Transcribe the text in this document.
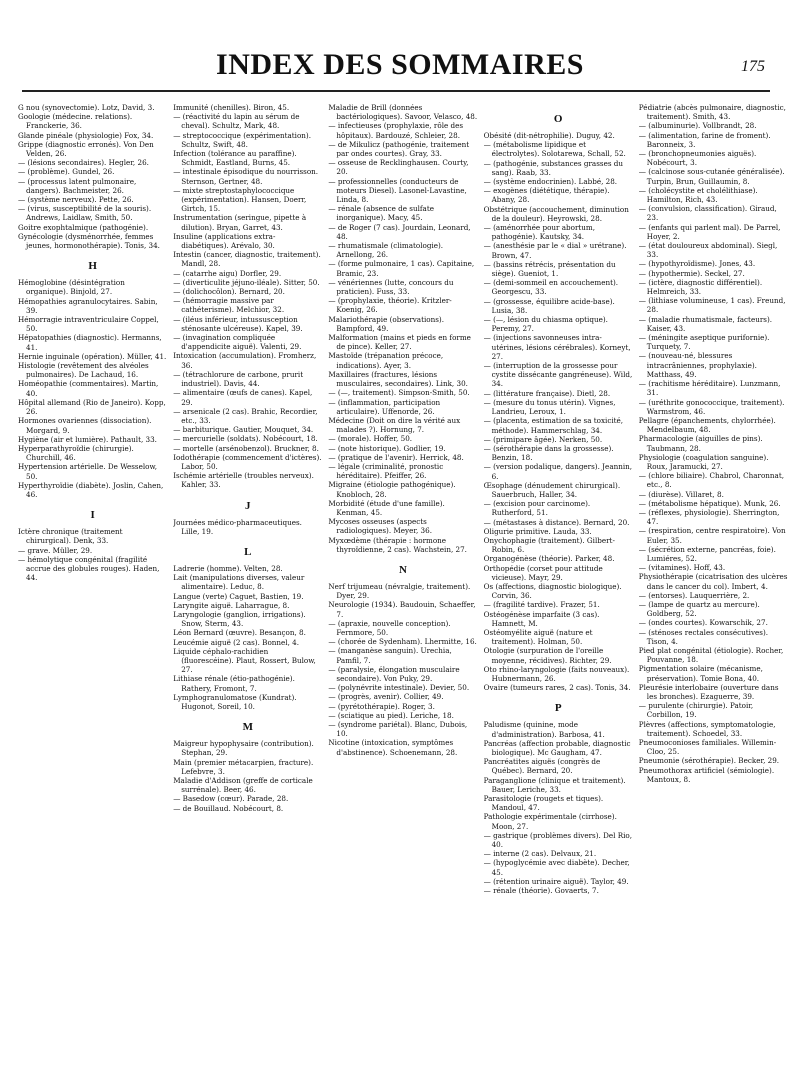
INDEX DES SOMMAIRES	175
G nou (synovectomie). Lotz, David, 3.
Goologie (médecine. relations). Franckerie, 36.
Glande pinéale (physiologie) Fox, 34.
Grippe (diagnostic erronés). Von Den Velden, 26.
— (lésions secondaires). Hegler, 26.
— (problème). Gundel, 26.
— (processus latent pulmonaire, dangers). Bachmeister, 26.
— (système nerveux). Pette, 26.
— (virus, susceptibilité de la souris). Andrews, Laidlaw, Smith, 50.
Goitre exophtalmique (pathogénie).
Gynécologie (dysménorrhée, femmes jeunes, hormonothérapie). Tonis, 34.
H
Hémoglobine (désintégration organique). Binjold, 27.
Hémopathies agranulocytaires. Sabin, 39.
Hémorragie intraventriculaire Coppel, 50.
Hépatopathies (diagnostic). Hermanns, 41.
Hernie inguinale (opération). Müller, 41.
Histologie (revêtement des alvéoles pulmonaires). De Lachaud, 16.
Homéopathie (commentaires). Martin, 40.
Hôpital allemand (Rio de Janeiro). Kopp, 26.
Hormones ovariennes (dissociation). Morgard, 9.
Hygiène (air et lumière). Pathault, 33.
Hyperparathyroïdie (chirurgie). Churchill, 46.
Hypertension artérielle. De Wesselow, 50.
Hyperthyroïdie (diabète). Joslin, Cahen, 46.
I
Ictère chronique (traitement chirurgical). Denk, 33.
— grave. Müller, 29.
— hémolytique congénital (fragilité accrue des globules rouges). Haden, 44.
Immunité (chenilles). Biron, 45.
— (réactivité du lapin au sérum de cheval). Schultz, Mark, 48.
— streptococcique (expérimentation). Schultz, Swift, 48.
Infection (tolérance au paraffine). Schmidt, Eastland, Burns, 45.
— intestinale épisodique du nourrisson. Sternson, Gertner, 48.
— mixte streptostaphylococcique (expérimentation). Hansen, Doerr, Girtch, 15.
Instrumentation (seringue, pipette à dilution). Bryan, Garret, 43.
Insuline (applications extra-diabétiques). Arévalo, 30.
Intestin (cancer, diagnostic, traitement). Mandl, 28.
— (catarrhe aigu) Dorfler, 29.
— (diverticulite jéjuno-iléale). Sitter, 50.
— (dolichocôlon). Bernard, 20.
— (hémorragie massive par cathéterisme). Melchior, 32.
— (iléus inférieur, intussusception sténosante ulcéreuse). Kapel, 39.
— (invagination compliquée d'appendicite aiguë). Valenti, 29.
Intoxication (accumulation). Fromherz, 36.
— (tétrachlorure de carbone, prurit industriel). Davis, 44.
— alimentaire (œufs de canes). Kapel, 29.
— arsenicale (2 cas). Brahic, Recordier, etc., 33.
— barbiturique. Gautier, Mouquet, 34.
— mercurielle (soldats). Nobécourt, 18.
— mortelle (arsénobenzol). Bruckner, 8.
Iodothérapie (commencement d'ictères). Labor, 50.
Ischémie artérielle (troubles nerveux). Kahler, 33.
J
Journées médico-pharmaceutiques. Lille, 19.
L
Ladrerie (homme). Velten, 28.
Lait (manipulations diverses, valeur alimentaire). Leduc, 8.
Langue (verte) Caguet, Bastien, 19.
Laryngite aiguë. Laharrague, 8.
Laryngologie (ganglion, irrigations). Snow, Sterm, 43.
Léon Bernard (œuvre). Besançon, 8.
Leucémie aiguë (2 cas). Bonnel, 4.
Liquide céphalo-rachidien (fluorescéine). Plaut, Rossert, Bulow, 27.
Lithiase rénale (étio-pathogénie). Rathery, Fromont, 7.
Lymphogranulomatose (Kundrat). Hugonot, Soreil, 10.
M
Maigreur hypophysaire (contribution). Stephan, 29.
Main (premier métacarpien, fracture). Lefebvre, 3.
Maladie d'Addison (greffe de corticale surrénale). Beer, 46.
— Basedow (cœur). Parade, 28.
— de Bouillaud. Nobécourt, 8.
Maladie de Brill (données bactériologiques). Savoor, Velasco, 48.
— infectieuses (prophylaxie, rôle des hôpitaux). Bardouzé, Schleier, 28.
— de Mikulicz (pathogénie, traitement par ondes courtes). Gray, 33.
— osseuse de Recklinghausen. Courty, 20.
— professionnelles (conducteurs de moteurs Diesel). Lasonel-Lavastine, Linda, 8.
— rénale (absence de sulfate inorganique). Macy, 45.
— de Roger (7 cas). Jourdain, Leonard, 48.
— rhumatismale (climatologie). Arnellong, 26.
— (forme pulmonaire, 1 cas). Capitaine, Bramic, 23.
— vénériennes (lutte, concours du praticien). Fuss, 33.
— (prophylaxie, théorie). Kritzler-Koenig, 26.
Malariothérapie (observations). Bampford, 49.
Malformation (mains et pieds en forme de pince). Keller, 27.
Mastoïde (trépanation précoce, indications). Ayer, 3.
Maxillaires (fractures, lésions musculaires, secondaires). Link, 30.
— (—, traitement). Simpson-Smith, 50.
— (inflammation, participation articulaire). Uffenorde, 26.
Médecine (Doit on dire la vérité aux malades ?). Hornung, 7.
— (morale). Hoffer, 50.
— (note historique). Godlier, 19.
— (pratique de l'avenir). Herrick, 48.
— légale (criminalité, pronostic héréditaire). Pfeiffer, 26.
Migraine (étiologie pathogénique). Knobloch, 28.
Morbidité (étude d'une famille). Kenman, 45.
Mycoses osseuses (aspects radiologiques). Meyer, 36.
Myxœdème (thérapie : hormone thyroïdienne, 2 cas). Wachstein, 27.
N
Nerf trijumeau (névralgie, traitement). Dyer, 29.
Neurologie (1934). Baudouin, Schaeffer, 7.
— (apraxie, nouvelle conception). Fernmore, 50.
— (chorée de Sydenham). Lhermitte, 16.
— (manganèse sanguin). Urechia, Pamfil, 7.
— (paralysie, élongation musculaire secondaire). Von Puky, 29.
— (polynévrite intestinale). Devier, 50.
— (progrès, avenir). Collier, 49.
— (pyrétothérapie). Roger, 3.
— (sciatique au pied). Leriche, 18.
— (syndrome pariétal). Blanc, Dubois, 10.
Nicotine (intoxication, symptômes d'abstinence). Schoenemann, 28.
O
Obésité (dit-nétrophilie). Duguy, 42.
— (métabolisme lipidique et électrolytes). Solotarewa, Schall, 52.
— (pathogénie, substances grasses du sang). Raab, 33.
— (système endocrinien). Labbé, 28.
— exogènes (diététique, thérapie). Abany, 28.
Obstétrique (accouchement, diminution de la douleur). Heyrowski, 28.
— (aménorrhée pour abortum, pathogénie). Kautsky, 34.
— (anesthésie par le « dial » urétrane). Brown, 47.
— (bassins rétrécis, présentation du siège). Gueniot, 1.
— (demi-sommeil en accouchement). Georgescu, 33.
— (grossesse, équilibre acide-base). Lusia, 38.
— (—, lésion du chiasma optique). Peremy, 27.
— (injections savonneuses intra-utérines, lésions cérébrales). Korneyt, 27.
— (interruption de la grossesse pour cystite dissécante gangréneuse). Wild, 34.
— (littérature française). Dietl, 28.
— (mesure du tonus utérin). Vignes, Landrieu, Leroux, 1.
— (placenta, estimation de sa toxicité, méthode). Hammerschlag, 34.
— (primipare âgée). Nerken, 50.
— (sérothérapie dans la grossesse). Benzin, 18.
— (version podalique, dangers). Jeannin, 6.
Œsophage (dénudement chirurgical). Sauerbruch, Haller, 34.
— (excision pour carcinome). Rutherford, 51.
— (métastases à distance). Bernard, 20.
Oligurie primitive. Lauda, 33.
Onychophagie (traitement). Gilbert-Robin, 6.
Organogénèse (théorie). Parker, 48.
Orthopédie (corset pour attitude vicieuse). Mayr, 29.
Os (affections, diagnostic biologique). Corvin, 36.
— (fragilité tardive). Frazer, 51.
Ostéogénèse imparfaite (3 cas). Hamnett, M.
Ostéomyélite aiguë (nature et traitement). Holman, 50.
Otologie (surpuration de l'oreille moyenne, récidives). Richter, 29.
Oto rhino-laryngologie (faits nouveaux). Hubnermann, 26.
Ovaire (tumeurs rares, 2 cas). Tonis, 34.
P
Paludisme (quinine, mode d'administration). Barbosa, 41.
Pancréas (affection probable, diagnostic biologique). Mc Gaugham, 47.
Pancréatites aiguës (congrès de Québec). Bernard, 20.
Paraganglione (clinique et traitement). Bauer, Leriche, 33.
Parasitologie (rougets et tiques). Mandoul, 47.
Pathologie expérimentale (cirrhose). Moon, 27.
— gastrique (problèmes divers). Del Rio, 40.
— interne (2 cas). Delvaux, 21.
— (hypoglycémie avec diabète). Decher, 45.
— (rétention urinaire aiguë). Taylor, 49.
— rénale (théorie). Govaerts, 7.
Pédiatrie (abcès pulmonaire, diagnostic, traitement). Smith, 43.
— (albuminurie). Vollbrandt, 28.
— (alimentation, farine de froment). Baronneix, 3.
— (bronchopneumonies aiguës). Nobécourt, 3.
— (calcinose sous-cutanée généralisée). Turpin, Brun, Guillaumin, 8.
— (cholécystite et cholélithiase). Hamilton, Rich, 43.
— (convulsion, classification). Giraud, 23.
— (enfants qui parlent mal). De Parrel, Hoyer, 2.
— (état douloureux abdominal). Siegl, 33.
— (hypothyroïdisme). Jones, 43.
— (hypothermie). Seckel, 27.
— (ictère, diagnostic différentiel). Helmreich, 33.
— (lithiase volumineuse, 1 cas). Freund, 28.
— (maladie rhumatismale, facteurs). Kaiser, 43.
— (méningite aseptique purifornie). Turquety, 7.
— (nouveau-né, blessures intracrâniennes, prophylaxie). Matthass, 49.
— (rachitisme héréditaire). Lunzmann, 31.
— (uréthrite gonococcique, traitement). Warmstrom, 46.
Pellagre (épanchements, chylorrhée). Mendelbaum, 48.
Pharmacologie (aiguilles de pins). Taubmann, 28.
Physiologie (coagulation sanguine). Roux, Jaramucki, 27.
— (chlore biliaire). Chabrol, Charonnat, etc., 8.
— (diurèse). Villaret, 8.
— (métabolisme hépatique). Munk, 26.
— (réflexes, physiologie). Sherrington, 47.
— (respiration, centre respiratoire). Von Euler, 35.
— (sécrétion externe, pancréas, foie). Lumiéres, 52.
— (vitamines). Hoff, 43.
Physiothérapie (cicatrisation des ulcères dans le cancer du col). Imbert, 4.
— (entorses). Lauquerrière, 2.
— (lampe de quartz au mercure). Goldberg, 52.
— (ondes courtes). Kowarschik, 27.
— (sténoses rectales consécutives). Tison, 4.
Pied plat congénital (étiologie). Rocher, Pouvanne, 18.
Pigmentation solaire (mécanisme, préservation). Tomie Bona, 40.
Pleurésie interlobaire (ouverture dans les bronches). Ezaguerre, 39.
— purulente (chirurgie). Patoir, Corbillon, 19.
Plèvres (affections, symptomatologie, traitement). Schoedel, 33.
Pneumoconioses familiales. Willemin-Cloo, 25.
Pneumonie (sérothérapie). Becker, 29.
Pneumothorax artificiel (sémiologie). Mantoux, 8.
